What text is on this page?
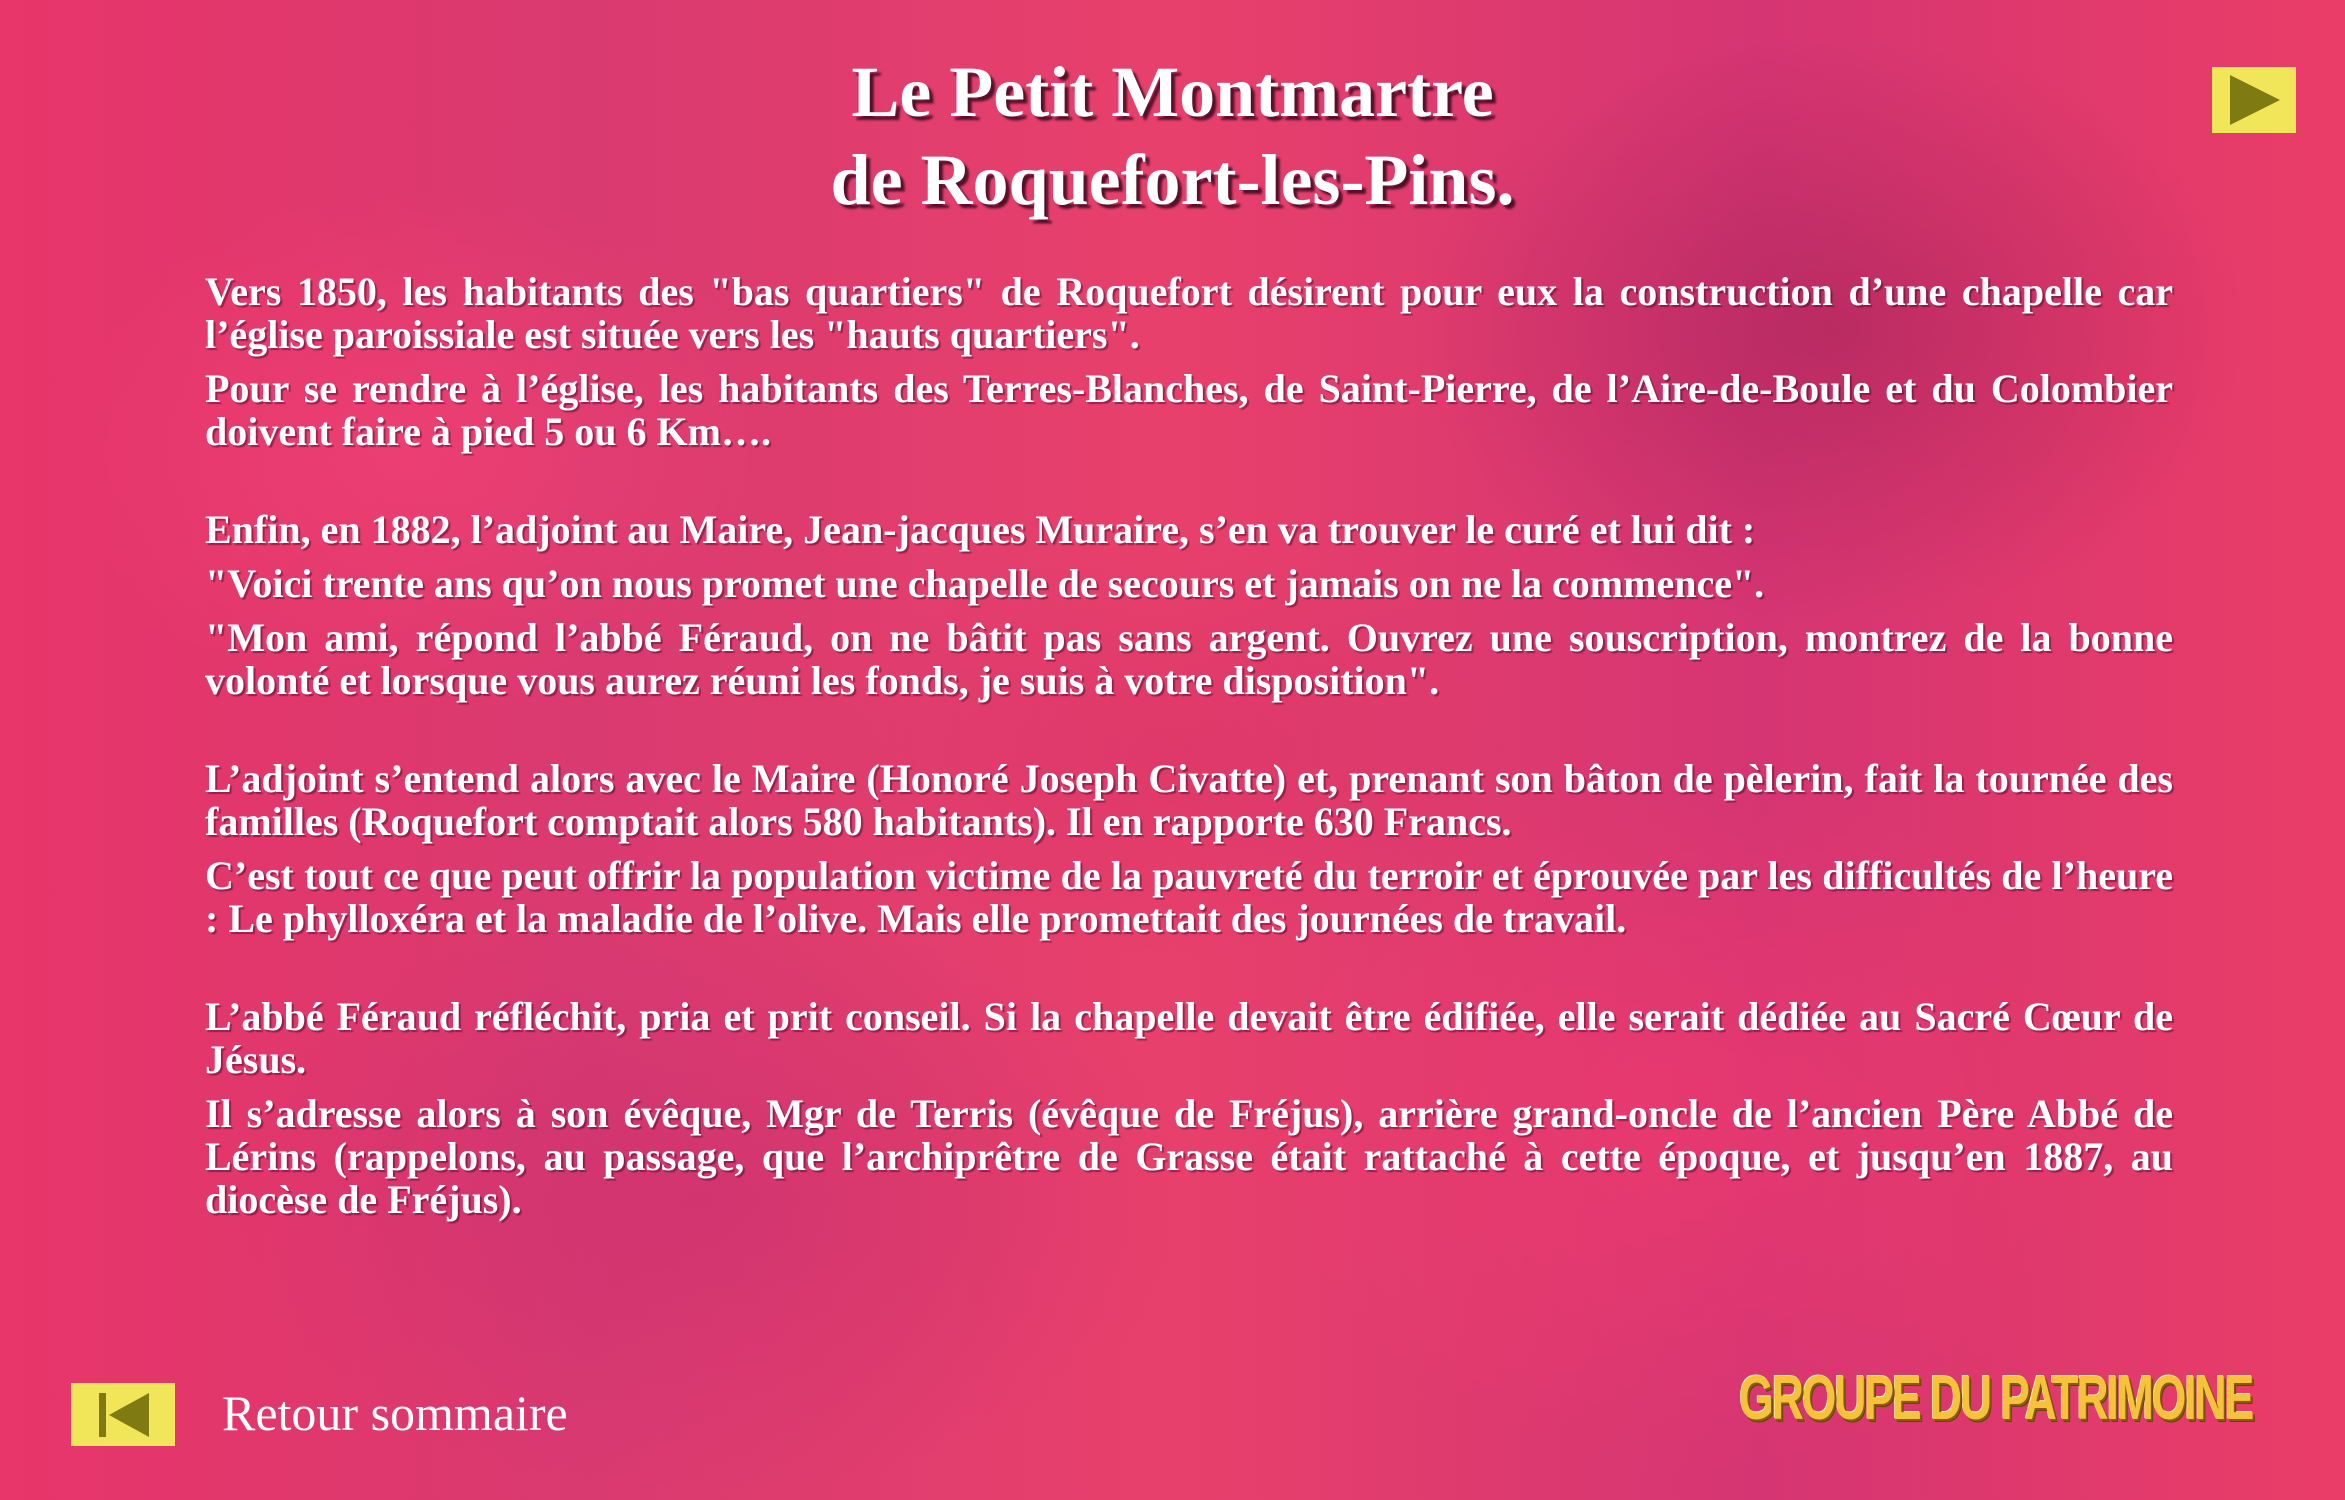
Le Petit Montmartre
de Roquefort-les-Pins.

Vers 1850, les habitants des "bas quartiers" de Roquefort désirent pour eux la construction d’une chapelle car l’église paroissiale est située vers les "hauts quartiers".

Pour se rendre à l’église, les habitants des Terres-Blanches, de Saint-Pierre, de l’Aire-de-Boule et du Colombier doivent faire à pied 5 ou 6 Km….

Enfin, en 1882, l’adjoint au Maire, Jean-jacques Muraire, s’en va trouver le curé et lui dit :

"Voici trente ans qu’on nous promet une chapelle de secours et jamais on ne la commence".

"Mon ami, répond l’abbé Féraud, on ne bâtit pas sans argent. Ouvrez une souscription, montrez de la bonne volonté et lorsque vous aurez réuni les fonds, je suis à votre disposition".

L’adjoint s’entend alors avec le Maire (Honoré Joseph Civatte) et, prenant son bâton de pèlerin, fait la tournée des familles (Roquefort comptait alors 580 habitants). Il en rapporte 630 Francs.

C’est tout ce que peut offrir la population victime de la pauvreté du terroir et éprouvée par les difficultés de l’heure : Le phylloxéra et la maladie de l’olive. Mais elle promettait des journées de travail.

L’abbé Féraud réfléchit, pria et prit conseil. Si la chapelle devait être édifiée, elle serait dédiée au Sacré Cœur de Jésus.

Il s’adresse alors à son évêque, Mgr de Terris (évêque de Fréjus), arrière grand-oncle de l’ancien Père Abbé de Lérins (rappelons, au passage, que l’archiprêtre de Grasse était rattaché à cette époque, et jusqu’en 1887, au diocèse de Fréjus).

Retour sommaire	GROUPE DU PATRIMOINE
